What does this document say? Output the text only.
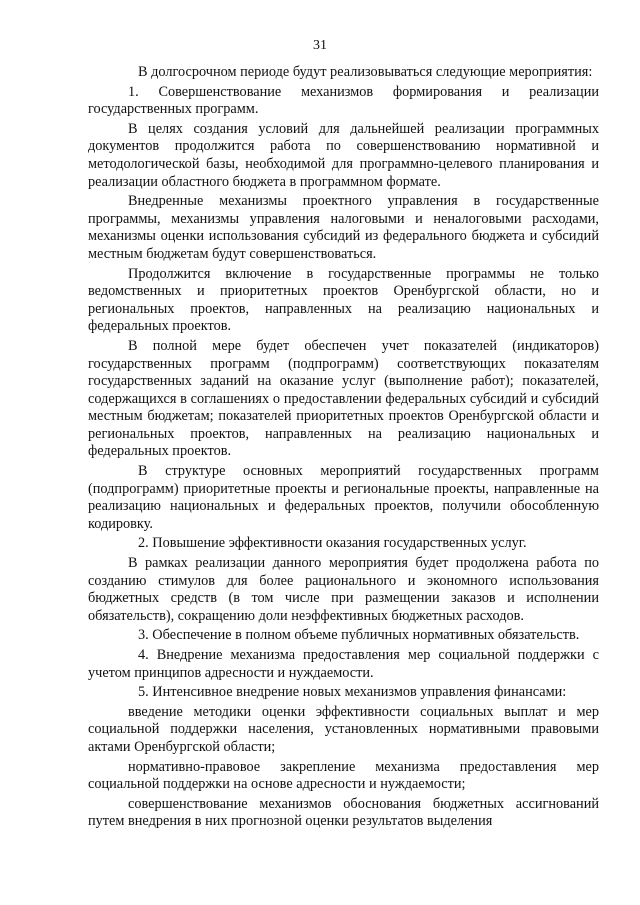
31

В долгосрочном периоде будут реализовываться следующие мероприятия:

1. Совершенствование механизмов формирования и реализации государственных программ.

В целях создания условий для дальнейшей реализации программных документов продолжится работа по совершенствованию нормативной и методологической базы, необходимой для программно-целевого планирования и реализации областного бюджета в программном формате.

Внедренные механизмы проектного управления в государственные программы, механизмы управления налоговыми и неналоговыми расходами, механизмы оценки использования субсидий из федерального бюджета и субсидий местным бюджетам будут совершенствоваться.

Продолжится включение в государственные программы не только ведомственных и приоритетных проектов Оренбургской области, но и региональных проектов, направленных на реализацию национальных и федеральных проектов.

В полной мере будет обеспечен учет показателей (индикаторов) государственных программ (подпрограмм) соответствующих показателям государственных заданий на оказание услуг (выполнение работ); показателей, содержащихся в соглашениях о предоставлении федеральных субсидий и субсидий местным бюджетам; показателей приоритетных проектов Оренбургской области и региональных проектов, направленных на реализацию национальных и федеральных проектов.

В структуре основных мероприятий государственных программ (подпрограмм) приоритетные проекты и региональные проекты, направленные на реализацию национальных и федеральных проектов, получили обособленную кодировку.

2. Повышение эффективности оказания государственных услуг.

В рамках реализации данного мероприятия будет продолжена работа по созданию стимулов для более рационального и экономного использования бюджетных средств (в том числе при размещении заказов и исполнении обязательств), сокращению доли неэффективных бюджетных расходов.

3. Обеспечение в полном объеме публичных нормативных обязательств.

4. Внедрение механизма предоставления мер социальной поддержки с учетом принципов адресности и нуждаемости.

5. Интенсивное внедрение новых механизмов управления финансами:

введение методики оценки эффективности социальных выплат и мер социальной поддержки населения, установленных нормативными правовыми актами Оренбургской области;

нормативно-правовое закрепление механизма предоставления мер социальной поддержки на основе адресности и нуждаемости;

совершенствование механизмов обоснования бюджетных ассигнований путем внедрения в них прогнозной оценки результатов выделения
